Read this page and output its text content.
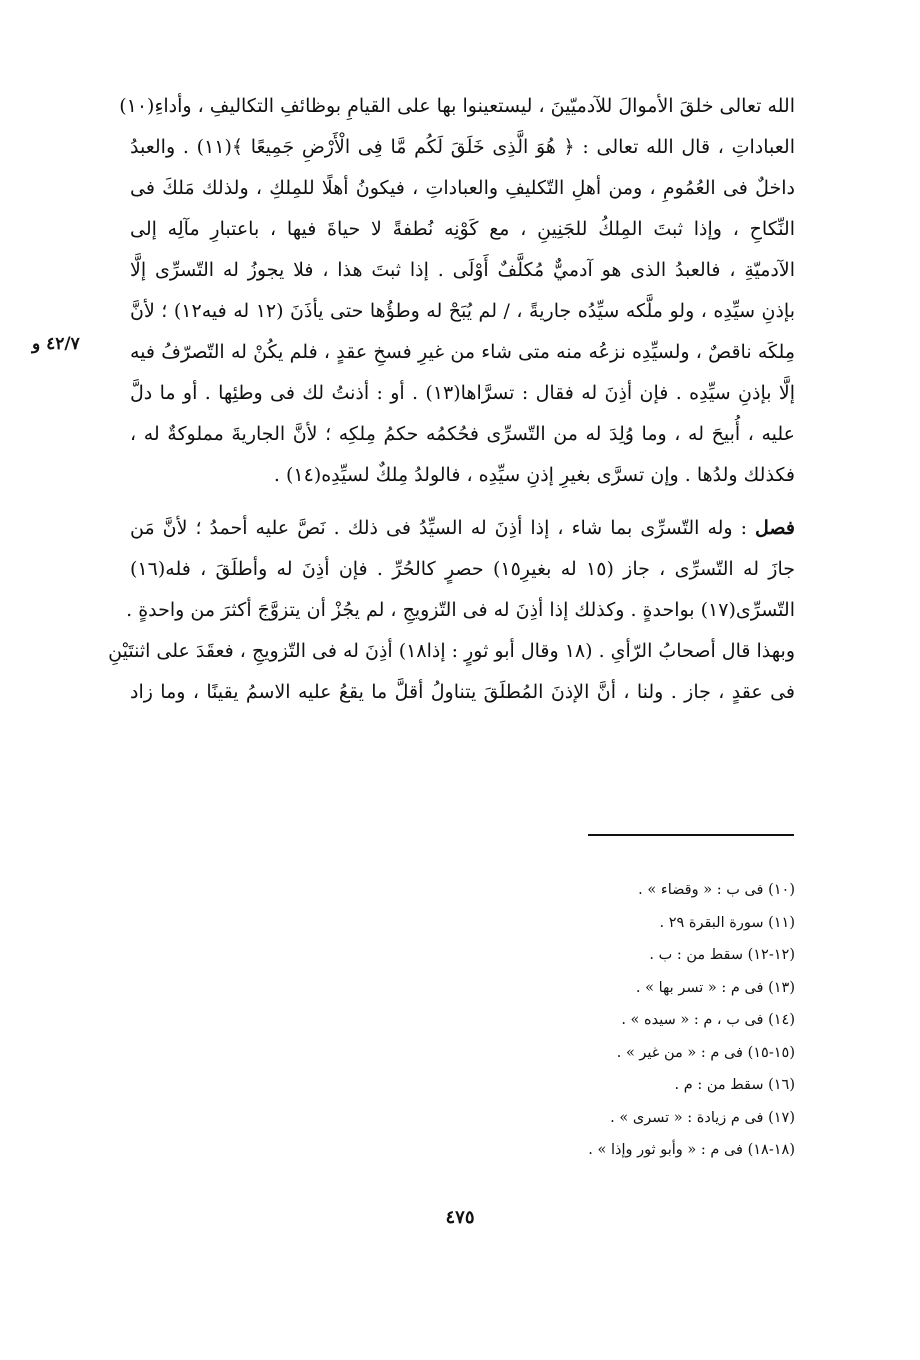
٤٢/٧ و
الله تعالى خلقَ الأموالَ للآدميّينَ ، ليستعينوا بها على القيامِ بوظائفِ التكاليفِ ، وأداءِ(١٠)
العباداتِ ، قال الله تعالى : ﴿ هُوَ الَّذِى خَلَقَ لَكُم مَّا فِى الْأَرْضِ جَمِيعًا ﴾(١١) . والعبدُ
داخلٌ فى العُمُومِ ، ومن أهلِ التّكليفِ والعباداتِ ، فيكونُ أهلًا للمِلكِ ، ولذلك مَلكَ فى
النِّكاحِ ، وإذا ثبتَ المِلكُ للجَنِينِ ، مع كَوْنِه نُطفةً لا حياةَ فيها ، باعتبارِ مآلِه إلى
الآدميّةِ ، فالعبدُ الذى هو آدميٌّ مُكلَّفٌ أَوْلَى . إذا ثبتَ هذا ، فلا يجوزُ له التّسرِّى إلَّا
بإذنِ سيِّدِه ، ولو ملَّكه سيِّدُه جاريةً ، / لم يُبَحْ له وطؤُها حتى يأذَنَ (١٢ له فيه١٢) ؛ لأنَّ
مِلكَه ناقصٌ ، ولسيِّدِه نزعُه منه متى شاء من غيرِ فسخِ عقدٍ ، فلم يكُنْ له التّصرّفُ فيه
إلَّا بإذنِ سيِّدِه . فإن أذِنَ له فقال : تسرَّاها(١٣) . أو : أذنتُ لك فى وطئِها . أو ما دلَّ
عليه ، أُبيحَ له ، وما وُلِدَ له من التّسرِّى فحُكمُه حكمُ مِلكِه ؛ لأنَّ الجاريةَ مملوكةٌ له ،
فكذلك ولدُها . وإن تسرَّى بغيرِ إذنِ سيِّدِه ، فالولدُ مِلكٌ لسيِّدِه(١٤) .
فصل : وله التّسرِّى بما شاء ، إذا أذِنَ له السيِّدُ فى ذلك . نَصَّ عليه أحمدُ ؛ لأنَّ مَن
جازَ له التّسرِّى ، جاز (١٥ له بغيرِ١٥) حصرٍ كالحُرِّ . فإن أذِنَ له وأطلَقَ ، فله(١٦)
التّسرِّى(١٧) بواحدةٍ . وكذلك إذا أذِنَ له فى التّزويجِ ، لم يجُزْ أن يتزوَّجَ أكثرَ من واحدةٍ .
وبهذا قال أصحابُ الرّأىِ . (١٨ وقال أبو ثورٍ : إذا١٨) أذِنَ له فى التّزويجِ ، فعقَدَ على اثنتَيْنِ
فى عقدٍ ، جاز . ولنا ، أنَّ الإذنَ المُطلَقَ يتناولُ أقلَّ ما يقعُ عليه الاسمُ يقينًا ، وما زاد
(١٠) فى ب : « وقضاء » .
(١١) سورة البقرة ٢٩ .
(١٢-١٢) سقط من : ب .
(١٣) فى م : « تسر بها » .
(١٤) فى ب ، م : « سيده » .
(١٥-١٥) فى م : « من غير » .
(١٦) سقط من : م .
(١٧) فى م زيادة : « تسرى » .
(١٨-١٨) فى م : « وأبو ثور وإذا » .
٤٧٥
